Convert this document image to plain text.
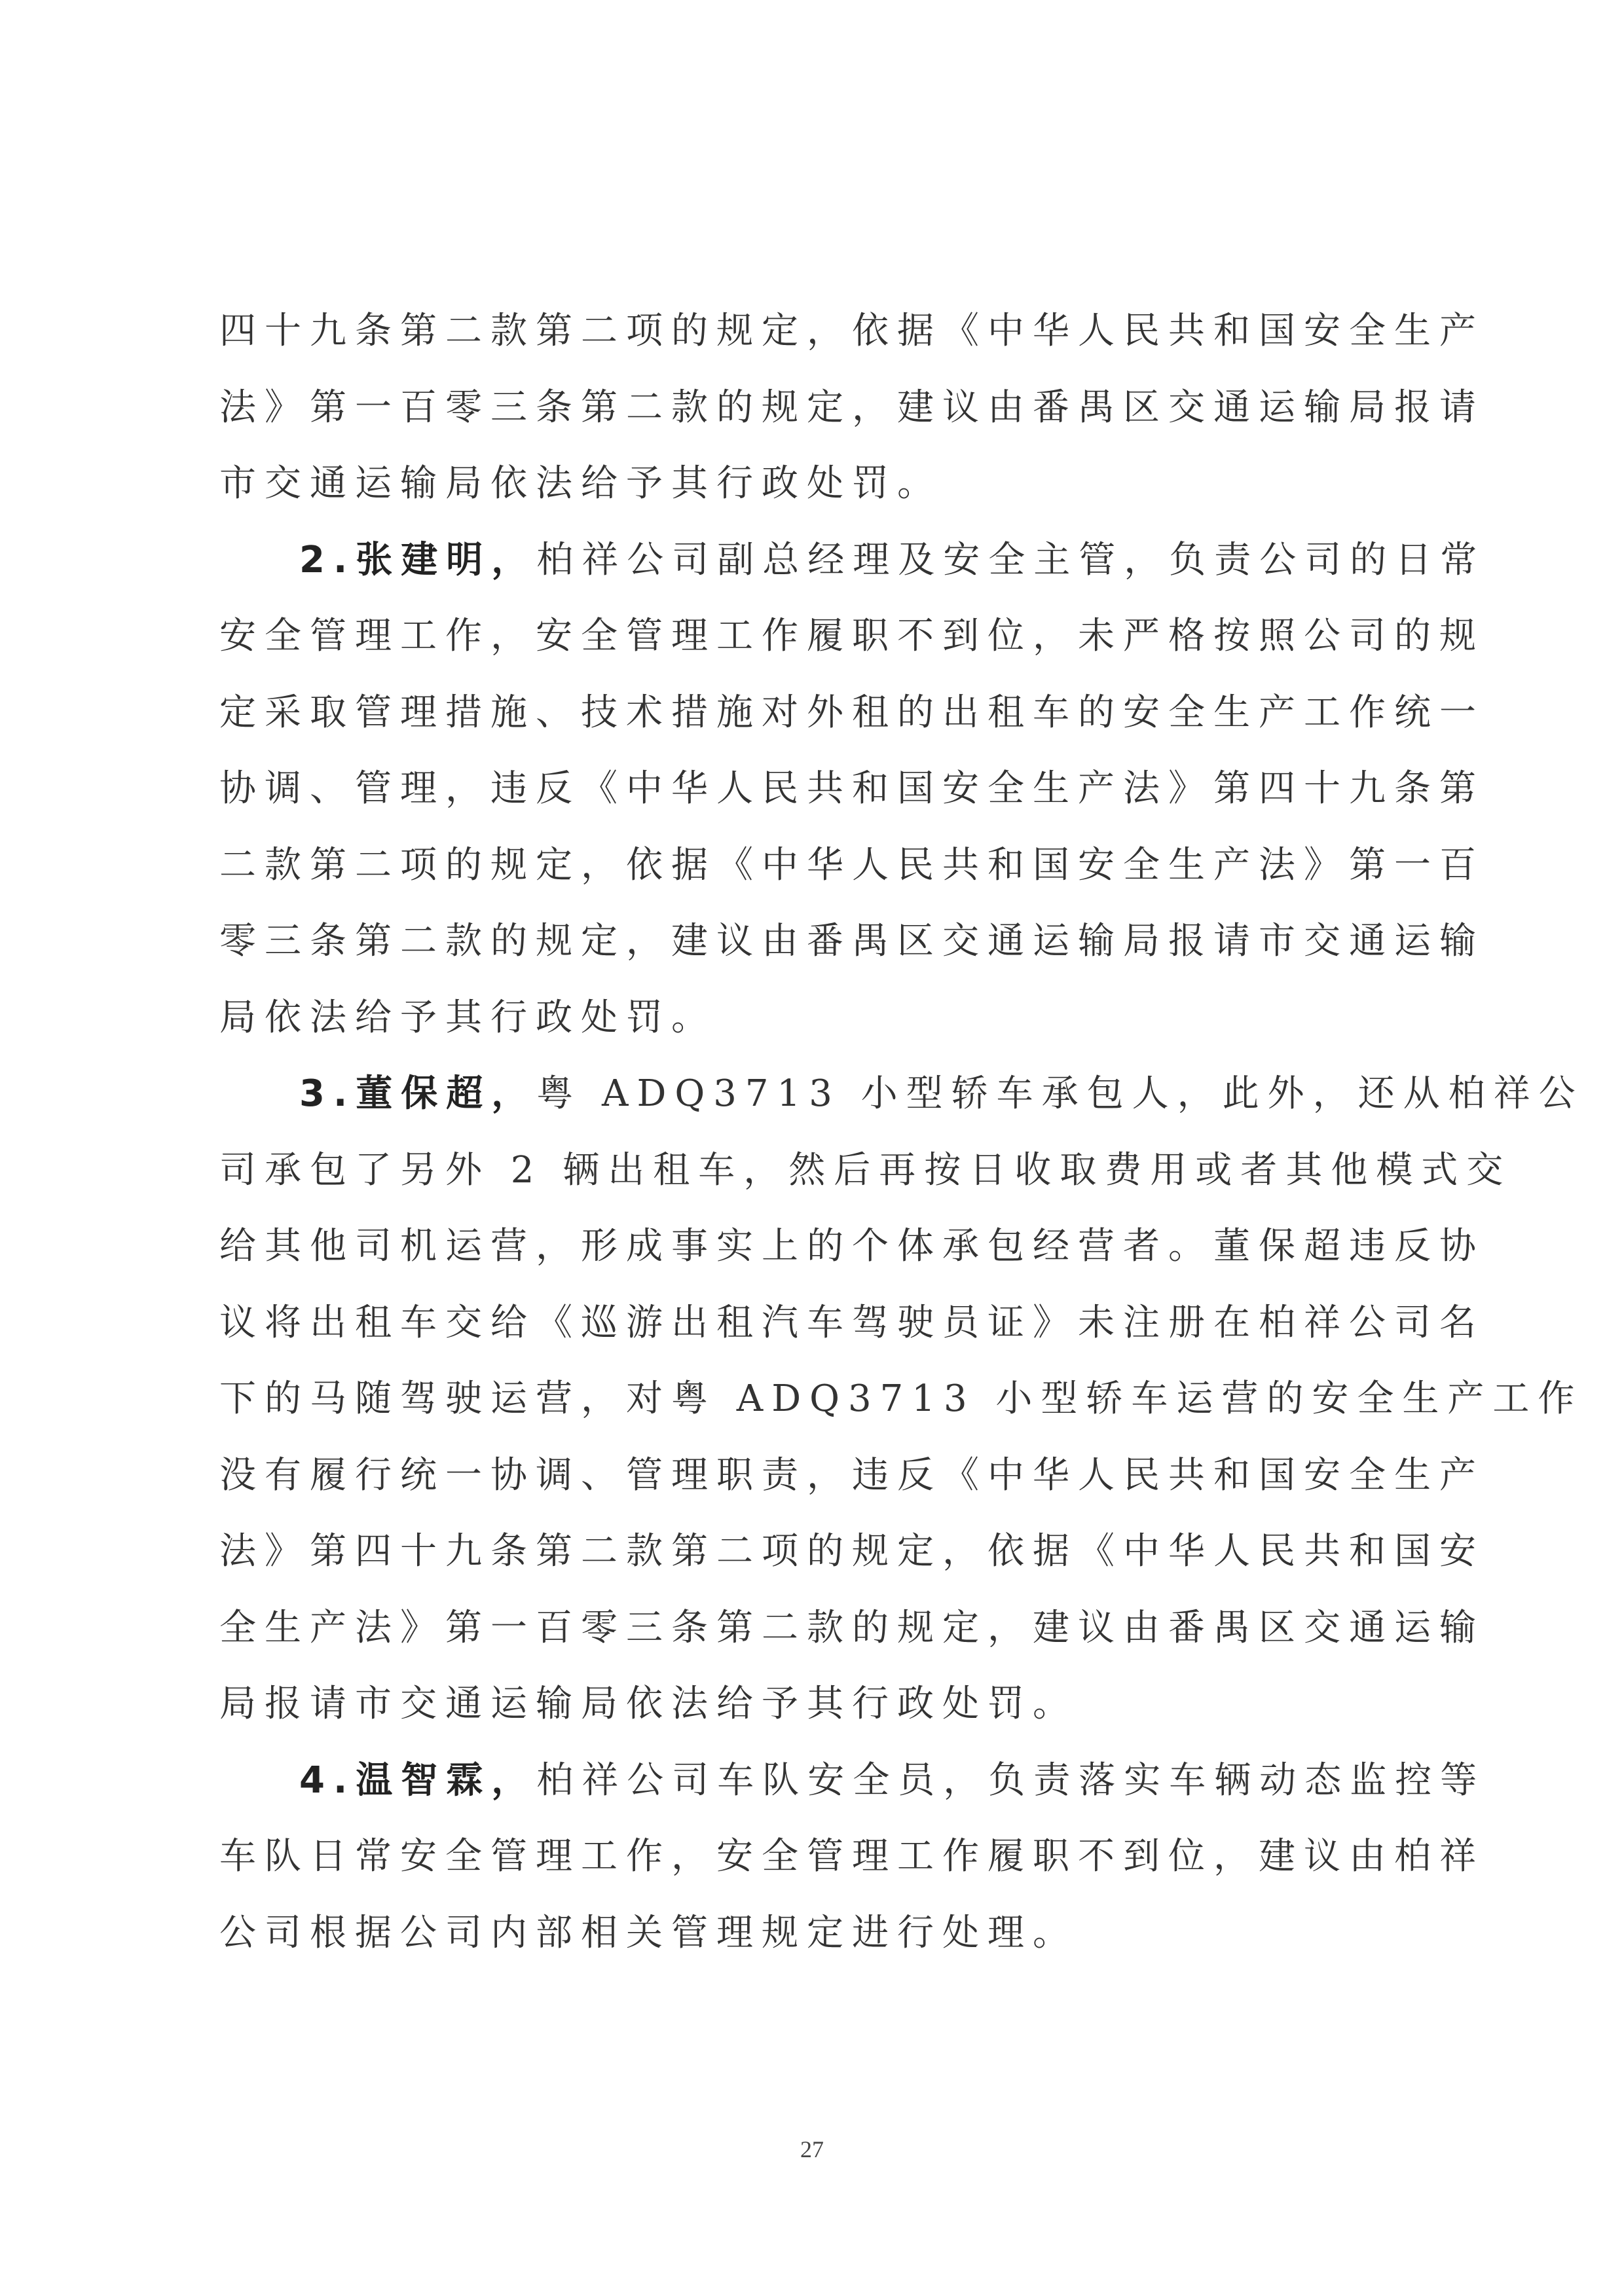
四十九条第二款第二项的规定，依据《中华人民共和国安全生产
法》第一百零三条第二款的规定，建议由番禺区交通运输局报请
市交通运输局依法给予其行政处罚。
2.张建明，柏祥公司副总经理及安全主管，负责公司的日常
安全管理工作，安全管理工作履职不到位，未严格按照公司的规
定采取管理措施、技术措施对外租的出租车的安全生产工作统一
协调、管理，违反《中华人民共和国安全生产法》第四十九条第
二款第二项的规定，依据《中华人民共和国安全生产法》第一百
零三条第二款的规定，建议由番禺区交通运输局报请市交通运输
局依法给予其行政处罚。
3.董保超，粤 ADQ3713 小型轿车承包人，此外，还从柏祥公
司承包了另外 2 辆出租车，然后再按日收取费用或者其他模式交
给其他司机运营，形成事实上的个体承包经营者。董保超违反协
议将出租车交给《巡游出租汽车驾驶员证》未注册在柏祥公司名
下的马随驾驶运营，对粤 ADQ3713 小型轿车运营的安全生产工作
没有履行统一协调、管理职责，违反《中华人民共和国安全生产
法》第四十九条第二款第二项的规定，依据《中华人民共和国安
全生产法》第一百零三条第二款的规定，建议由番禺区交通运输
局报请市交通运输局依法给予其行政处罚。
4.温智霖，柏祥公司车队安全员，负责落实车辆动态监控等
车队日常安全管理工作，安全管理工作履职不到位，建议由柏祥
公司根据公司内部相关管理规定进行处理。
27
